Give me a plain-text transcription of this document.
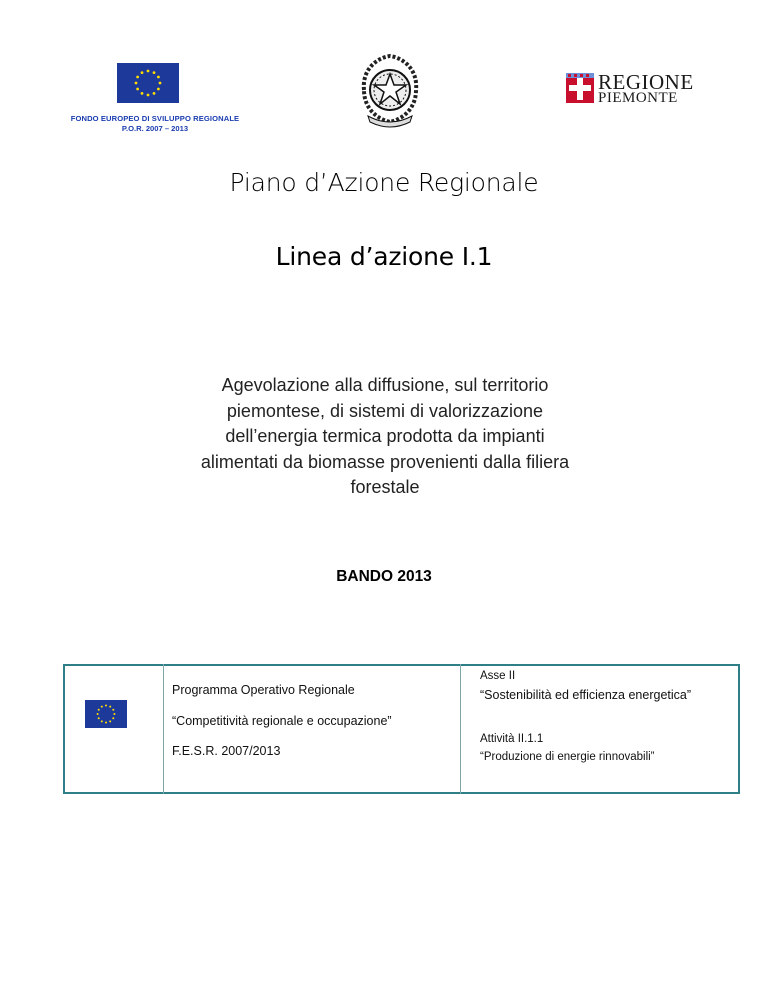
FONDO EUROPEO DI SVILUPPO REGIONALE
P.O.R. 2007 – 2013
REGIONE
PIEMONTE
Piano d’Azione Regionale
Linea d’azione I.1
Agevolazione alla diffusione, sul territorio
piemontese, di sistemi di valorizzazione
dell’energia termica prodotta da impianti
alimentati da biomasse provenienti dalla filiera
forestale
BANDO 2013
Programma Operativo Regionale
“Competitività regionale e occupazione”
F.E.S.R. 2007/2013
Asse II
“Sostenibilità ed efficienza energetica”
Attività II.1.1
“Produzione di energie rinnovabili”
